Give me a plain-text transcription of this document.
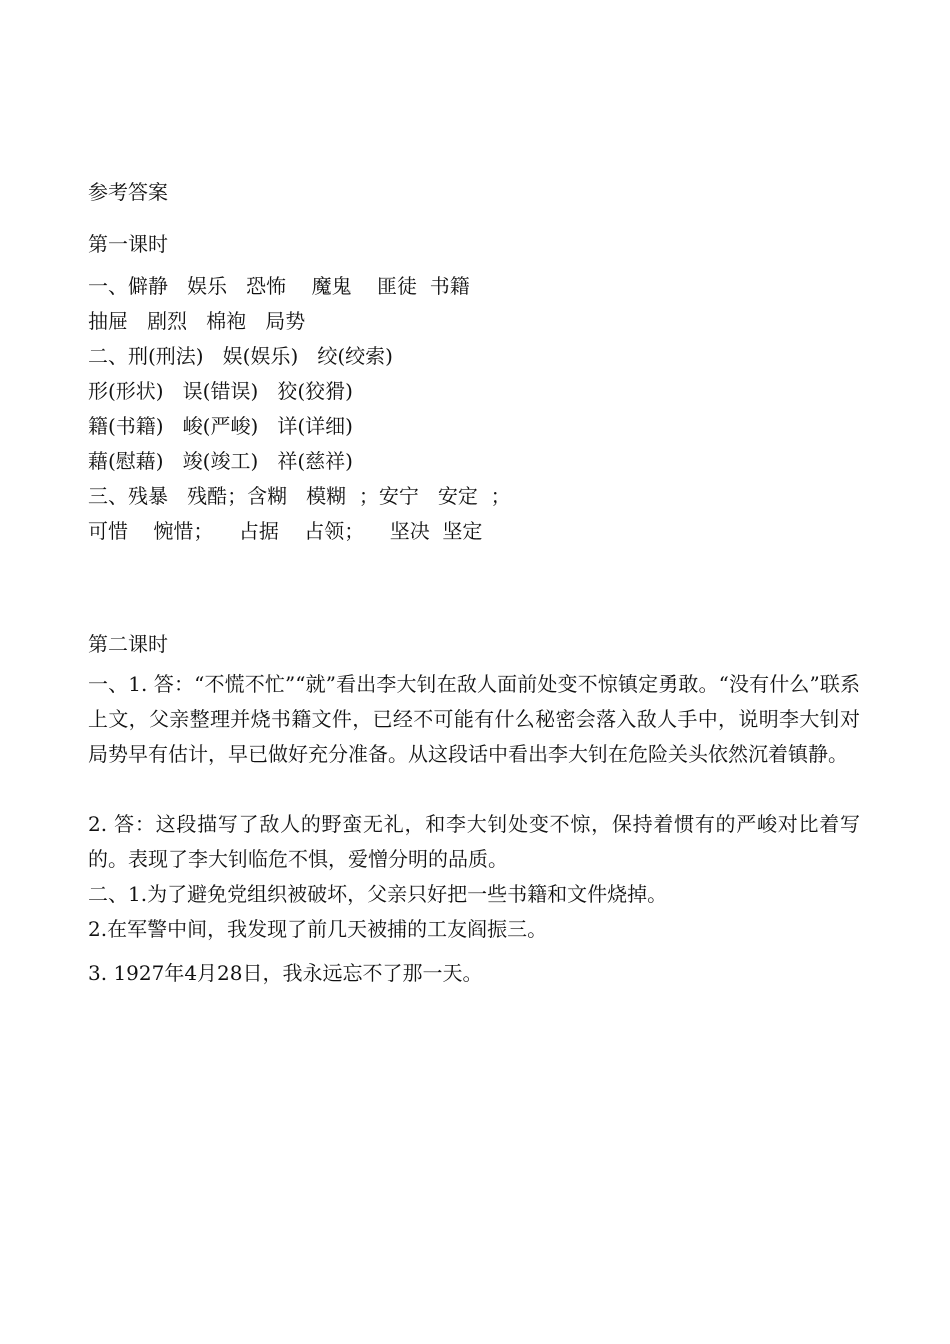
参考答案
第一课时
一、僻静   娱乐   恐怖    魔鬼    匪徒  书籍
抽屉   剧烈   棉袍   局势
二、刑(刑法)   娱(娱乐)   绞(绞索)
形(形状)   误(错误)   狡(狡猾)
籍(书籍)   峻(严峻)   详(详细)
藉(慰藉)   竣(竣工)   祥(慈祥)
三、残暴   残酷；含糊   模糊  ；安宁   安定  ；
可惜    惋惜；    占据    占领；    坚决  坚定
第二课时
一、1. 答：“不慌不忙”“就”看出李大钊在敌人面前处变不惊镇定勇敢。“没有什么”联系上文，父亲整理并烧书籍文件，已经不可能有什么秘密会落入敌人手中，说明李大钊对局势早有估计，早已做好充分准备。从这段话中看出李大钊在危险关头依然沉着镇静。
2. 答：这段描写了敌人的野蛮无礼，和李大钊处变不惊，保持着惯有的严峻对比着写的。表现了李大钊临危不惧，爱憎分明的品质。
二、1.为了避免党组织被破坏，父亲只好把一些书籍和文件烧掉。
2.在军警中间，我发现了前几天被捕的工友阎振三。
3. 1927年4月28日，我永远忘不了那一天。
